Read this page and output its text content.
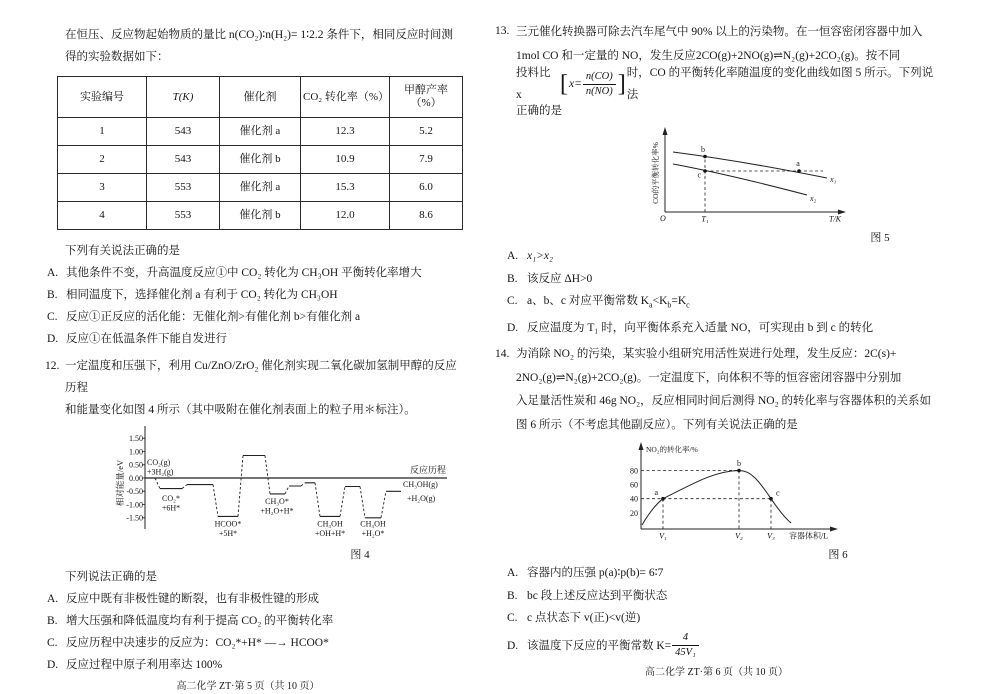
在恒压、反应物起始物质的量比 n(CO₂)∶n(H₂)= 1∶2.2 条件下，相同反应时间测
得的实验数据如下：
实验编号	T(K)	催化剂	CO₂ 转化率（%）	甲醇产率（%）
1	543	催化剂 a	12.3	5.2
2	543	催化剂 b	10.9	7.9
3	553	催化剂 a	15.3	6.0
4	553	催化剂 b	12.0	8.6
下列有关说法正确的是
A. 其他条件不变，升高温度反应①中 CO₂ 转化为 CH₃OH 平衡转化率增大
B. 相同温度下，选择催化剂 a 有利于 CO₂ 转化为 CH₃OH
C. 反应①正反应的活化能：无催化剂>有催化剂 b>有催化剂 a
D. 反应①在低温条件下能自发进行
12. 一定温度和压强下，利用 Cu/ZnO/ZrO₂ 催化剂实现二氧化碳加氢制甲醇的反应历程
和能量变化如图 4 所示（其中吸附在催化剂表面上的粒子用＊标注）。
1.50
1.00
0.50
0.00
-0.50
-1.00
-1.50
相对能量/eV	反应历程
CO₂(g)
+3H₂(g)
CO₂*
+6H*
HCOO*
+5H*
CH₃O*
+H₂O+H*
CH₃OH
+OH+H*
CH₃OH
+H₂O*
CH₃OH(g)
+H₂O(g)
图 4
下列说法正确的是
A. 反应中既有非极性键的断裂，也有非极性键的形成
B. 增大压强和降低温度均有利于提高 CO₂ 的平衡转化率
C. 反应历程中决速步的反应为：CO₂*+H* —→ HCOO*
D. 反应过程中原子利用率达 100%
高二化学 ZT·第 5 页（共 10 页）
13. 三元催化转换器可除去汽车尾气中 90% 以上的污染物。在一恒容密闭容器中加入
1mol CO 和一定量的 NO，发生反应2CO(g)+2NO(g)⇌N₂(g)+2CO₂(g)。按不同
投料比 x	[ $x= \frac{n(CO)}{n(NO)}$ ] 时，CO 的平衡转化率随温度的变化曲线如图 5 所示。下列说法
正确的是
CO的平衡转化率%	b
a
c	x₁
x₂
O	T₁	T/K
图 5
A. x₁>x₂
B. 该反应 ΔH>0
C. a、b、c 对应平衡常数 $K_a<K_b=K_c$
D. 反应温度为 T₁ 时，向平衡体系充入适量 NO，可实现由 b 到 c 的转化
14. 为消除 NO₂ 的污染，某实验小组研究用活性炭进行处理，发生反应：2C(s)+
2NO₂(g)⇌N₂(g)+2CO₂(g)。一定温度下，向体积不等的恒容密闭容器中分别加
入足量活性炭和 46g NO₂，反应相同时间后测得 NO₂ 的转化率与容器体积的关系如
图 6 所示（不考虑其他副反应）。下列有关说法正确的是
NO₂的转化率/%
20
40
60
80
a
b
c
V₁	V₂	V₃ 容器体积/L
图 6
A. 容器内的压强 p(a)∶p(b)= 6∶7
B. bc 段上述反应达到平衡状态
C. c 点状态下 v(正)<v(逆)
D. 该温度下反应的平衡常数 $K= \frac{4}{\text{45V₁}}$
高二化学 ZT·第 6 页（共 10 页）
